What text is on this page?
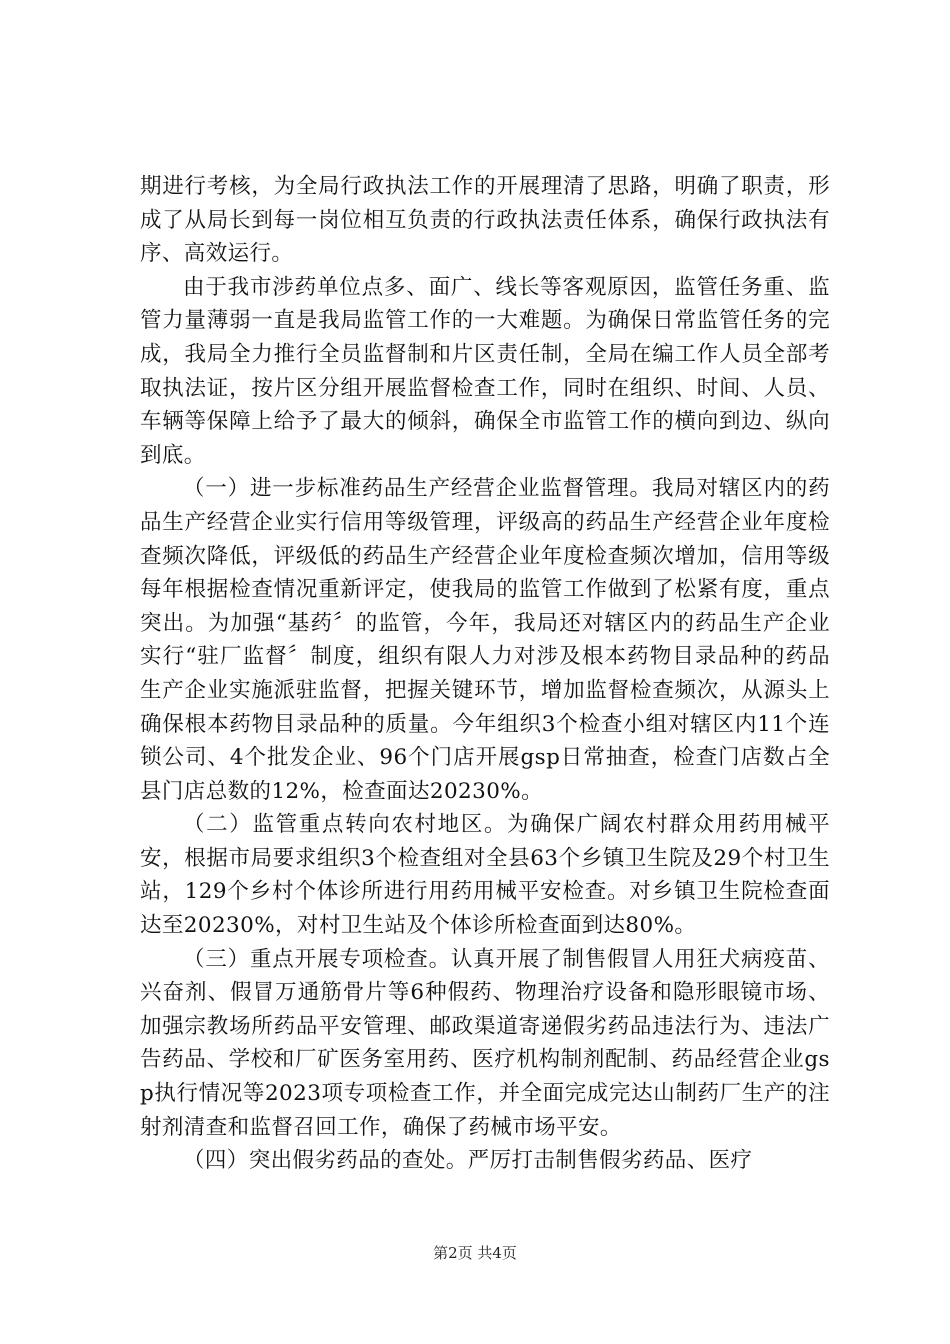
期进行考核，为全局行政执法工作的开展理清了思路，明确了职责，形成了从局长到每一岗位相互负责的行政执法责任体系，确保行政执法有序、高效运行。

由于我市涉药单位点多、面广、线长等客观原因，监管任务重、监管力量薄弱一直是我局监管工作的一大难题。为确保日常监管任务的完成，我局全力推行全员监督制和片区责任制，全局在编工作人员全部考取执法证，按片区分组开展监督检查工作，同时在组织、时间、人员、车辆等保障上给予了最大的倾斜，确保全市监管工作的横向到边、纵向到底。

（一）进一步标准药品生产经营企业监督管理。我局对辖区内的药品生产经营企业实行信用等级管理，评级高的药品生产经营企业年度检查频次降低，评级低的药品生产经营企业年度检查频次增加，信用等级每年根据检查情况重新评定，使我局的监管工作做到了松紧有度，重点突出。为加强“基药〞的监管，今年，我局还对辖区内的药品生产企业实行“驻厂监督〞制度，组织有限人力对涉及根本药物目录品种的药品生产企业实施派驻监督，把握关键环节，增加监督检查频次，从源头上确保根本药物目录品种的质量。今年组织3个检查小组对辖区内11个连锁公司、4个批发企业、96个门店开展gsp日常抽查，检查门店数占全县门店总数的12%，检查面达20230%。

（二）监管重点转向农村地区。为确保广阔农村群众用药用械平安，根据市局要求组织3个检查组对全县63个乡镇卫生院及29个村卫生站，129个乡村个体诊所进行用药用械平安检查。对乡镇卫生院检查面达至20230%，对村卫生站及个体诊所检查面到达80%。

（三）重点开展专项检查。认真开展了制售假冒人用狂犬病疫苗、兴奋剂、假冒万通筋骨片等6种假药、物理治疗设备和隐形眼镜市场、加强宗教场所药品平安管理、邮政渠道寄递假劣药品违法行为、违法广告药品、学校和厂矿医务室用药、医疗机构制剂配制、药品经营企业gsp执行情况等2023项专项检查工作，并全面完成完达山制药厂生产的注射剂清查和监督召回工作，确保了药械市场平安。

（四）突出假劣药品的查处。严厉打击制售假劣药品、医疗

第2页 共4页
